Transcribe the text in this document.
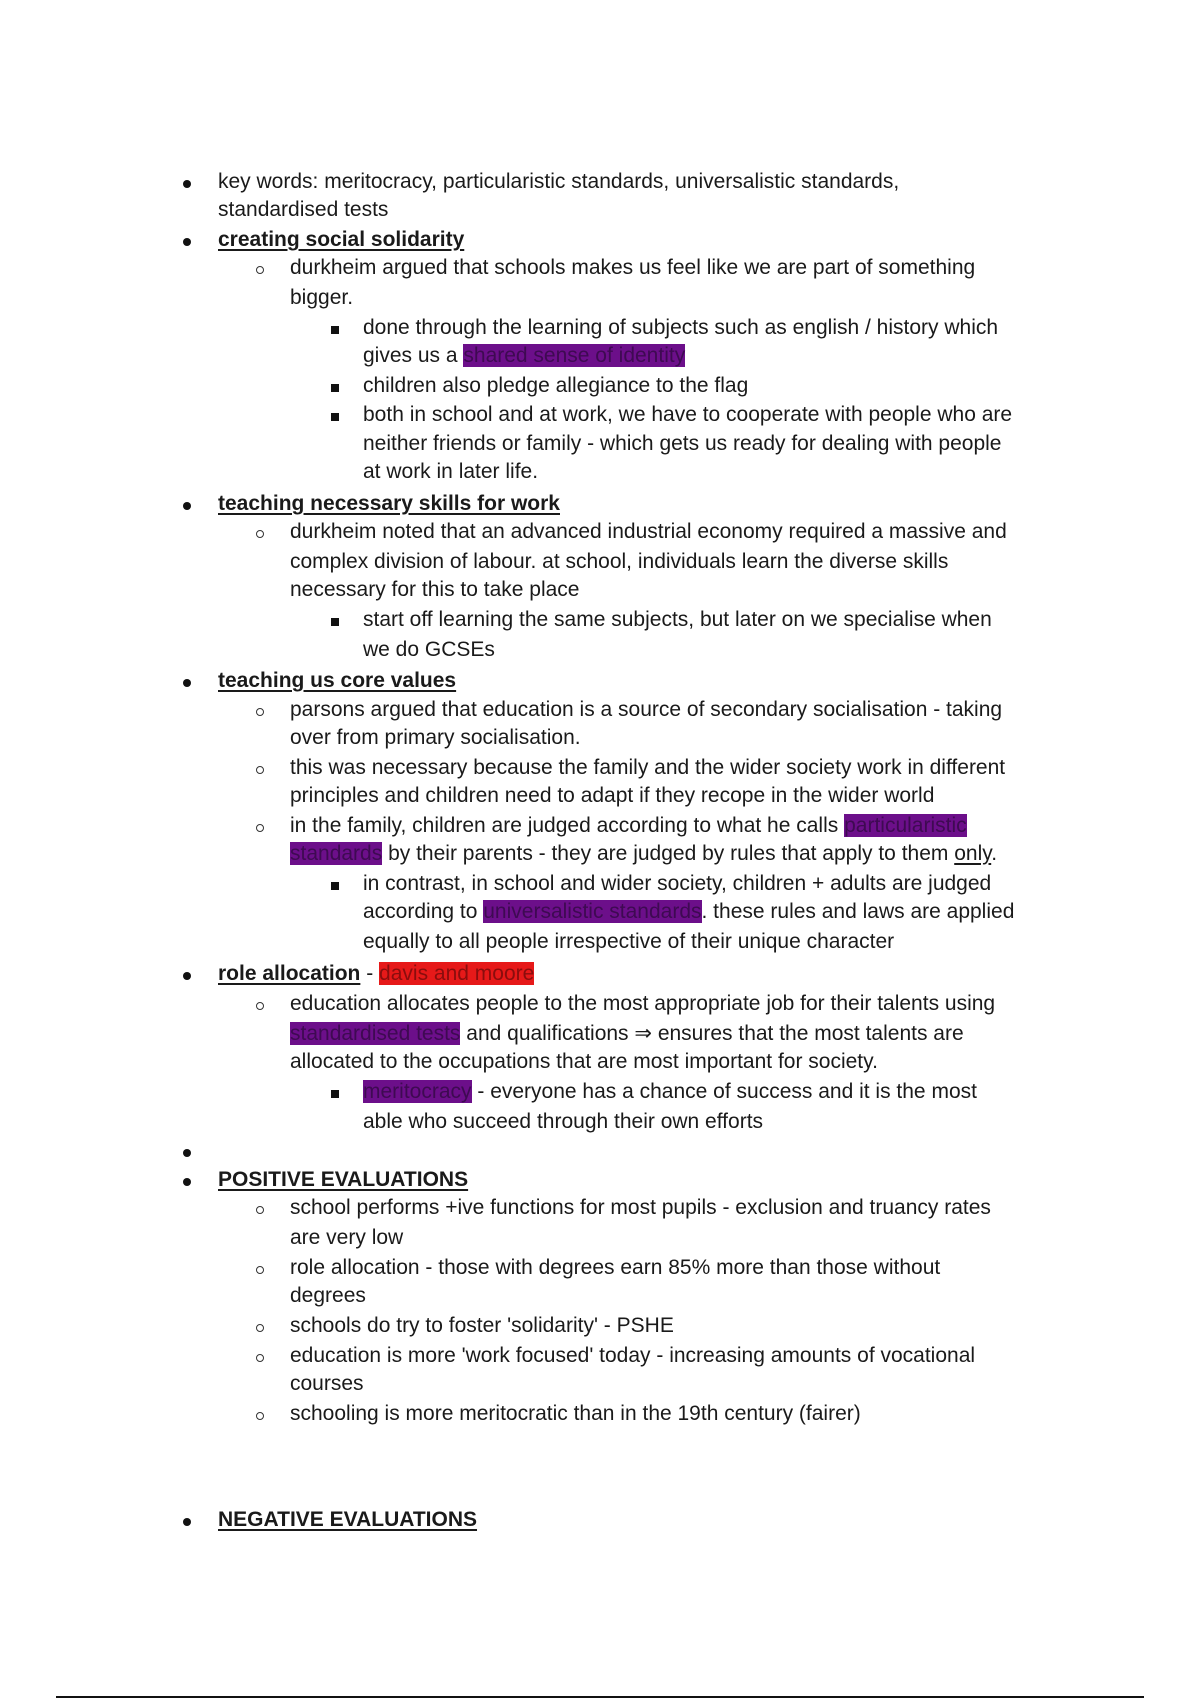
key words: meritocracy, particularistic standards, universalistic standards,
standardised tests
creating social solidarity
durkheim argued that schools makes us feel like we are part of something
bigger.
done through the learning of subjects such as english / history which
gives us a shared sense of identity
children also pledge allegiance to the flag
both in school and at work, we have to cooperate with people who are
neither friends or family - which gets us ready for dealing with people
at work in later life.
teaching necessary skills for work
durkheim noted that an advanced industrial economy required a massive and
complex division of labour. at school, individuals learn the diverse skills
necessary for this to take place
start off learning the same subjects, but later on we specialise when
we do GCSEs
teaching us core values
parsons argued that education is a source of secondary socialisation - taking
over from primary socialisation.
this was necessary because the family and the wider society work in different
principles and children need to adapt if they recope in the wider world
in the family, children are judged according to what he calls particularistic
standards by their parents - they are judged by rules that apply to them only.
in contrast, in school and wider society, children + adults are judged
according to universalistic standards. these rules and laws are applied
equally to all people irrespective of their unique character
role allocation - davis and moore
education allocates people to the most appropriate job for their talents using
standardised tests and qualifications ⇒ ensures that the most talents are
allocated to the occupations that are most important for society.
meritocracy - everyone has a chance of success and it is the most
able who succeed through their own efforts
POSITIVE EVALUATIONS
school performs +ive functions for most pupils - exclusion and truancy rates
are very low
role allocation - those with degrees earn 85% more than those without
degrees
schools do try to foster 'solidarity' - PSHE
education is more 'work focused' today - increasing amounts of vocational
courses
schooling is more meritocratic than in the 19th century (fairer)
NEGATIVE EVALUATIONS
